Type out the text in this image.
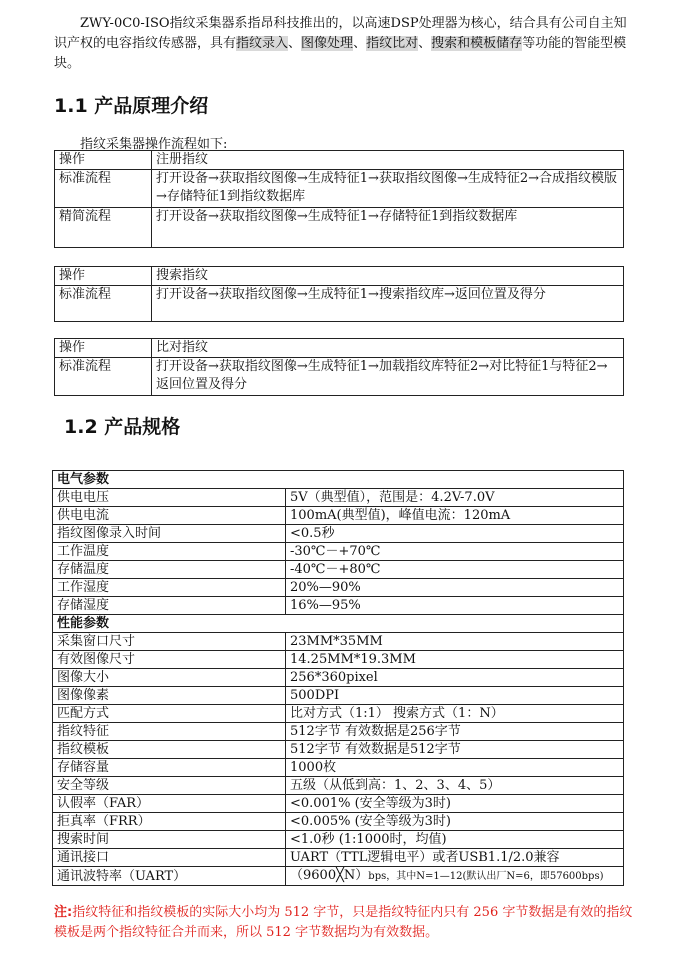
ZWY-0C0-ISO指纹采集器系指昂科技推出的，以高速DSP处理器为核心，结合具有公司自主知识产权的电容指纹传感器，具有指纹录入、图像处理、指纹比对、搜索和模板储存等功能的智能型模块。

1.1 产品原理介绍

指纹采集器操作流程如下:

操作	注册指纹
标准流程	打开设备→获取指纹图像→生成特征1→获取指纹图像→生成特征2→合成指纹模版→存储特征1到指纹数据库
精简流程	打开设备→获取指纹图像→生成特征1→存储特征1到指纹数据库
操作	搜索指纹
标准流程	打开设备→获取指纹图像→生成特征1→搜索指纹库→返回位置及得分
操作	比对指纹
标准流程	打开设备→获取指纹图像→生成特征1→加载指纹库特征2→对比特征1与特征2→返回位置及得分
1.2 产品规格
电气参数	
供电电压	5V（典型值），范围是：4.2V-7.0V
供电电流	100mA(典型值)，峰值电流：120mA
指纹图像录入时间	<0.5秒
工作温度	-30℃－+70℃
存储温度	-40℃－+80℃
工作湿度	20%—90%
存储湿度	16%—95%
性能参数	
采集窗口尺寸	23MM*35MM
有效图像尺寸	14.25MM*19.3MM
图像大小	256*360pixel
图像像素	500DPI
匹配方式	比对方式（1:1） 搜索方式（1：N）
指纹特征	512字节 有效数据是256字节
指纹模板	512字节 有效数据是512字节
存储容量	1000枚
安全等级	五级（从低到高：1、2、3、4、5）
认假率（FAR）	<0.001% (安全等级为3时)
拒真率（FRR）	<0.005% (安全等级为3时)
搜索时间	<1.0秒 (1:1000时，均值)
通讯接口	UART（TTL逻辑电平）或者USB1.1/2.0兼容
通讯波特率（UART）	（9600╳N）bps，其中N=1—12(默认出厂N=6，即57600bps)

注:指纹特征和指纹模板的实际大小均为 512 字节，只是指纹特征内只有 256 字节数据是有效的指纹模板是两个指纹特征合并而来，所以 512 字节数据均为有效数据。
